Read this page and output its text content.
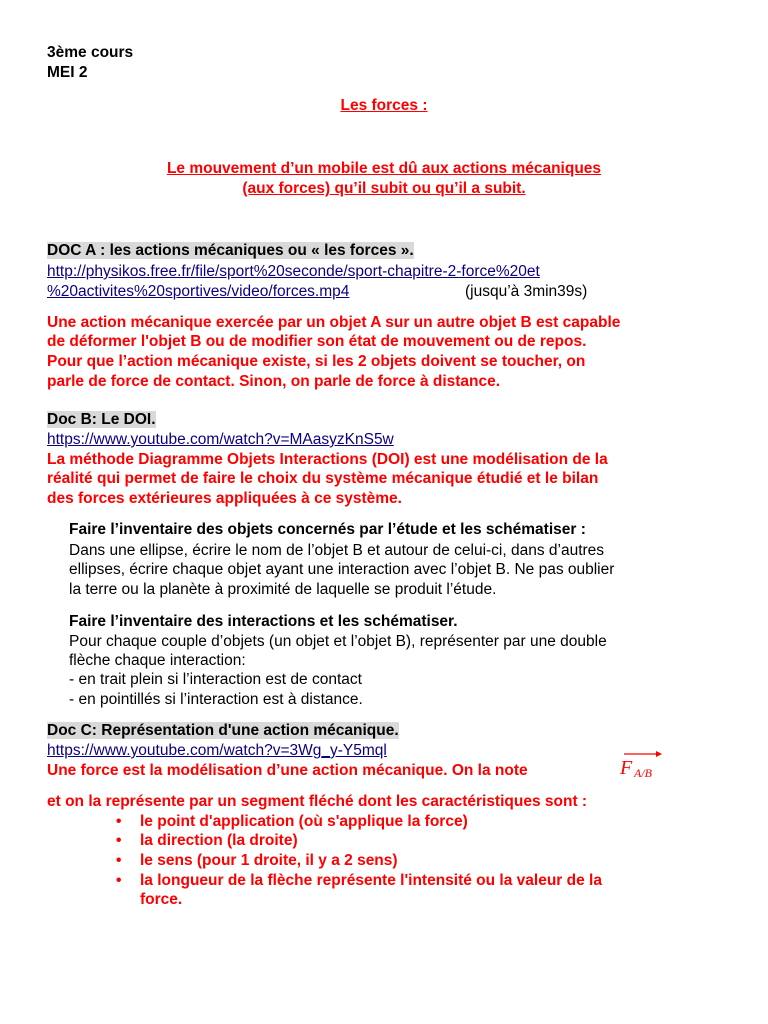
3ème cours
MEI 2
Les forces :
Le mouvement d’un mobile est dû aux actions mécaniques
(aux forces) qu’il subit ou qu’il a subit.
DOC A : les actions mécaniques ou « les forces ».
http://physikos.free.fr/file/sport%20seconde/sport-chapitre-2-force%20et
%20activites%20sportives/video/forces.mp4	(jusqu’à 3min39s)
Une action mécanique exercée par un objet A sur un autre objet B est capable
de déformer l'objet B ou de modifier son état de mouvement ou de repos.
Pour que l’action mécanique existe, si les 2 objets doivent se toucher, on
parle de force de contact. Sinon, on parle de force à distance.
Doc B: Le DOI.
https://www.youtube.com/watch?v=MAasyzKnS5w
La méthode Diagramme Objets Interactions (DOI) est une modélisation de la
réalité qui permet de faire le choix du système mécanique étudié et le bilan
des forces extérieures appliquées à ce système.
Faire l’inventaire des objets concernés par l’étude et les schématiser :
Dans une ellipse, écrire le nom de l’objet B et autour de celui-ci, dans d’autres
ellipses, écrire chaque objet ayant une interaction avec l’objet B. Ne pas oublier
la terre ou la planète à proximité de laquelle se produit l’étude.
Faire l’inventaire des interactions et les schématiser.
Pour chaque couple d’objets (un objet et l’objet B), représenter par une double
flèche chaque interaction:
- en trait plein si l’interaction est de contact
- en pointillés si l’interaction est à distance.
Doc C: Représentation d'une action mécanique.
https://www.youtube.com/watch?v=3Wg_y-Y5mql
Une force est la modélisation d’une action mécanique. On la note	F A/B
et on la représente par un segment fléché dont les caractéristiques sont :
• le point d'application (où s'applique la force)
• la direction (la droite)
• le sens (pour 1 droite, il y a 2 sens)
• la longueur de la flèche représente l'intensité ou la valeur de la
force.
